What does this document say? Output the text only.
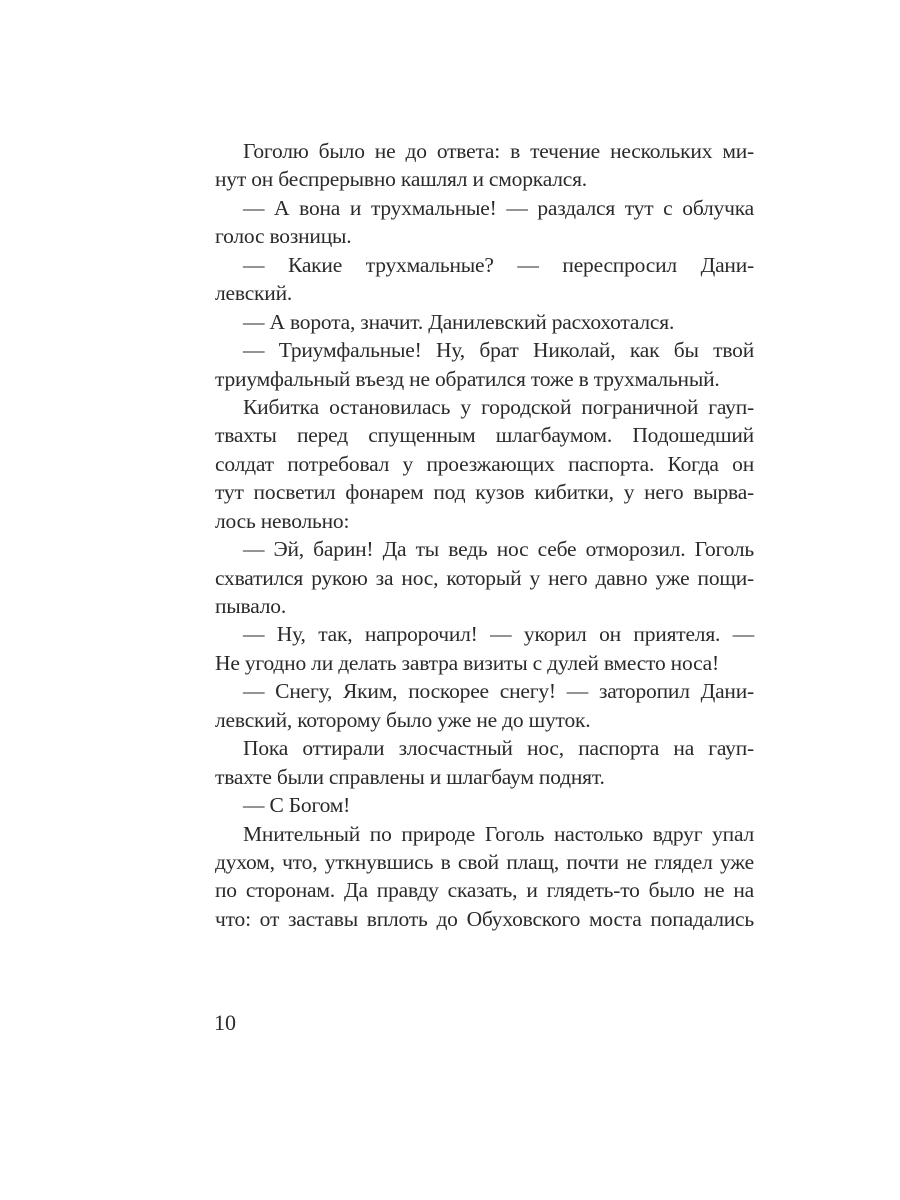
Гоголю было не до ответа: в течение нескольких ми-
нут он беспрерывно кашлял и сморкался.
— А вона и трухмальные! — раздался тут с облучка
голос возницы.
— Какие трухмальные? — переспросил Дани-
левский.
— А ворота, значит. Данилевский расхохотался.
— Триумфальные! Ну, брат Николай, как бы твой
триумфальный въезд не обратился тоже в трухмальный.
Кибитка остановилась у городской пограничной гауп-
твахты перед спущенным шлагбаумом. Подошедший
солдат потребовал у проезжающих паспорта. Когда он
тут посветил фонарем под кузов кибитки, у него вырва-
лось невольно:
— Эй, барин! Да ты ведь нос себе отморозил. Гоголь
схватился рукою за нос, который у него давно уже пощи-
пывало.
— Ну, так, напророчил! — укорил он приятеля. —
Не угодно ли делать завтра визиты с дулей вместо носа!
— Снегу, Яким, поскорее снегу! — заторопил Дани-
левский, которому было уже не до шуток.
Пока оттирали злосчастный нос, паспорта на гауп-
твахте были справлены и шлагбаум поднят.
— С Богом!
Мнительный по природе Гоголь настолько вдруг упал
духом, что, уткнувшись в свой плащ, почти не глядел уже
по сторонам. Да правду сказать, и глядеть-то было не на
что: от заставы вплоть до Обуховского моста попадались
10
